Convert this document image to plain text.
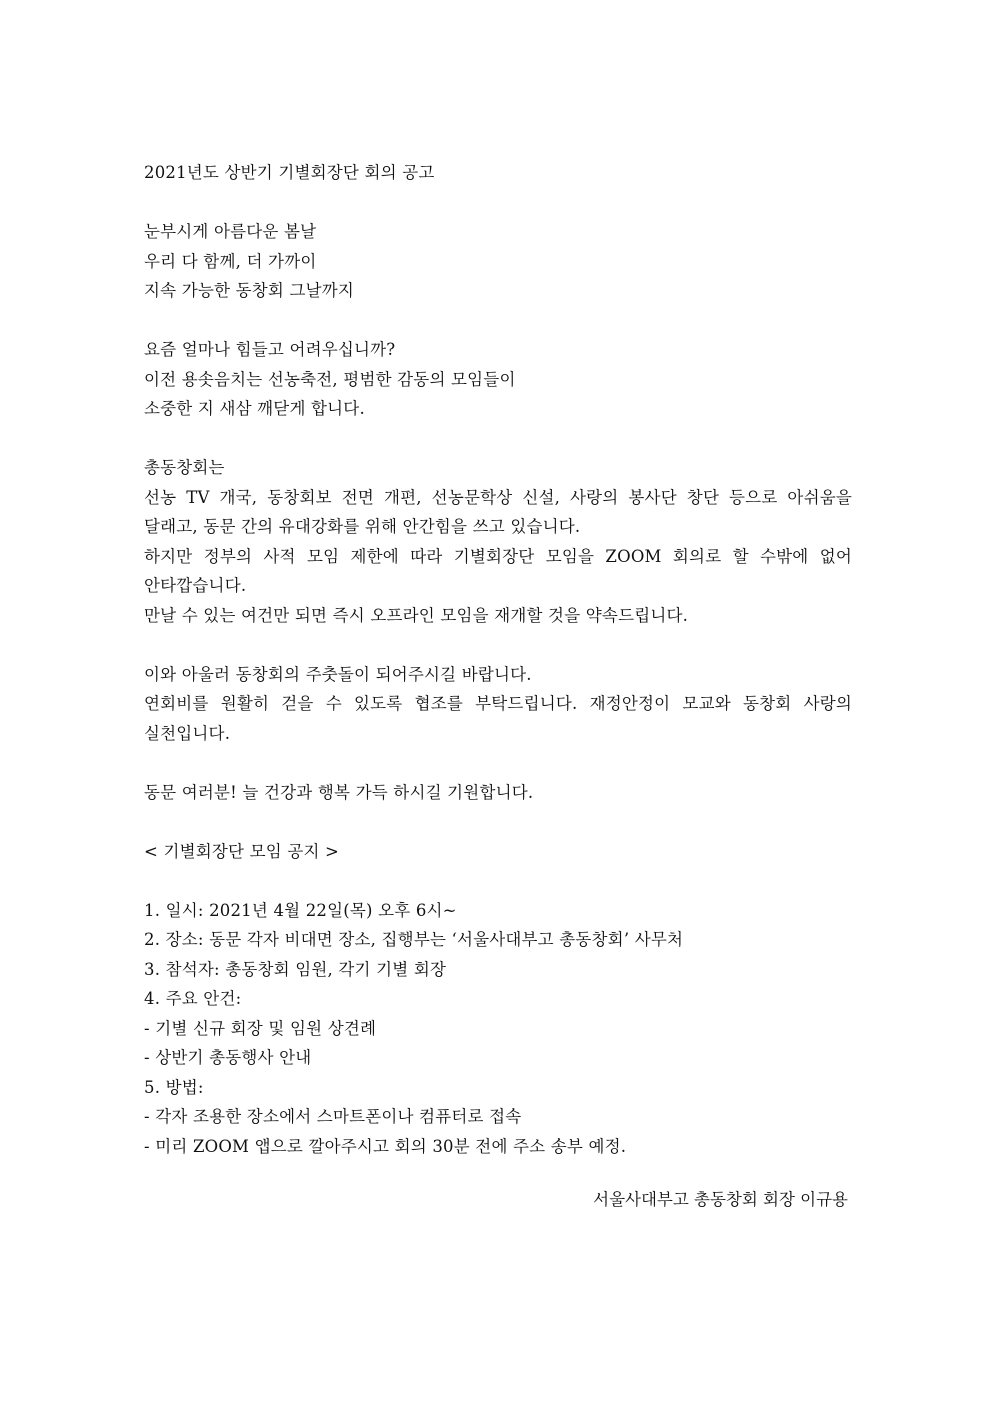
2021년도 상반기 기별회장단 회의 공고
눈부시게 아름다운 봄날
우리 다 함께, 더 가까이
지속 가능한 동창회 그날까지
요즘 얼마나 힘들고 어려우십니까?
이전 용솟음치는 선농축전, 평범한 감동의 모임들이
소중한 지 새삼 깨닫게 합니다.
총동창회는
선농 TV 개국, 동창회보 전면 개편, 선농문학상 신설, 사랑의 봉사단 창단 등으로 아쉬움을 달래고, 동문 간의 유대강화를 위해 안간힘을 쓰고 있습니다.
하지만 정부의 사적 모임 제한에 따라 기별회장단 모임을 ZOOM 회의로 할 수밖에 없어 안타깝습니다.
만날 수 있는 여건만 되면 즉시 오프라인 모임을 재개할 것을 약속드립니다.
이와 아울러 동창회의 주춧돌이 되어주시길 바랍니다.
연회비를 원활히 걷을 수 있도록 협조를 부탁드립니다. 재정안정이 모교와 동창회 사랑의 실천입니다.
동문 여러분! 늘 건강과 행복 가득 하시길 기원합니다.
< 기별회장단 모임 공지 >
1. 일시: 2021년 4월 22일(목) 오후 6시~
2. 장소: 동문 각자 비대면 장소, 집행부는 ‘서울사대부고 총동창회’ 사무처
3. 참석자: 총동창회 임원, 각기 기별 회장
4. 주요 안건:
- 기별 신규 회장 및 임원 상견례
- 상반기 총동행사 안내
5. 방법:
- 각자 조용한 장소에서 스마트폰이나 컴퓨터로 접속
- 미리 ZOOM 앱으로 깔아주시고 회의 30분 전에 주소 송부 예정.
서울사대부고 총동창회 회장 이규용
